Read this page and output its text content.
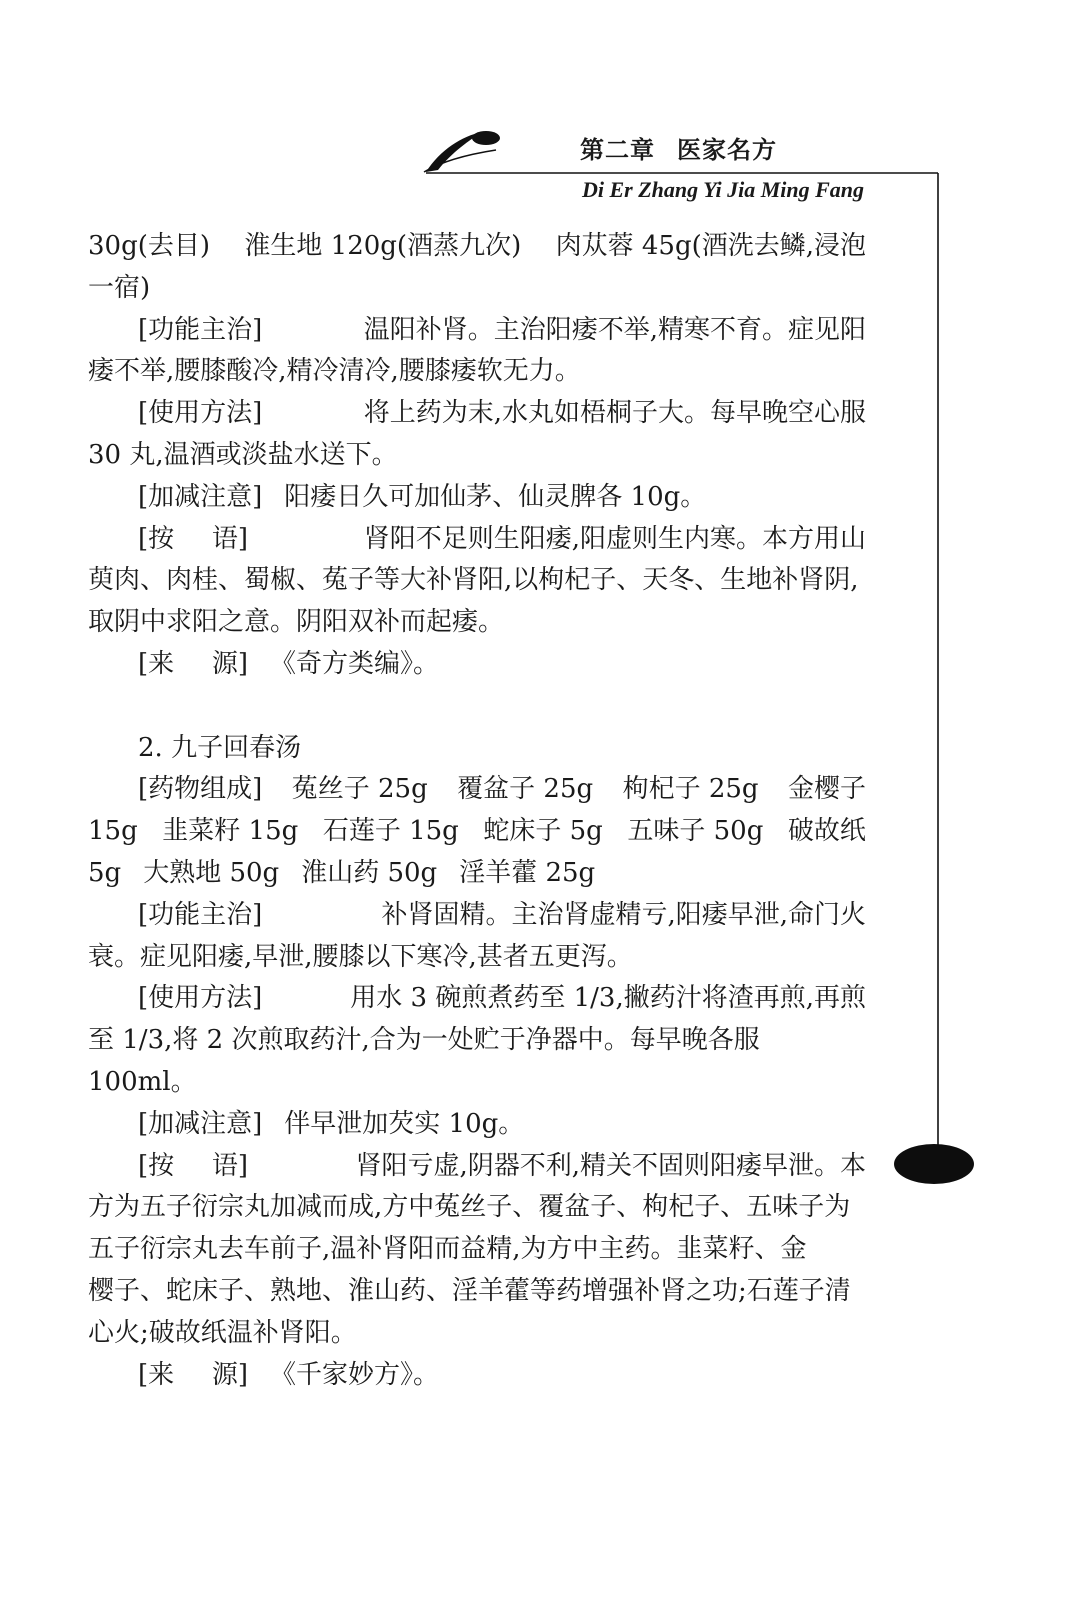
第二章 医家名方
Di Er Zhang Yi Jia Ming Fang
30g(去目) 淮生地 120g(酒蒸九次) 肉苁蓉 45g(酒洗去鳞,浸泡
一宿)
[功能主治]	温阳补肾。主治阳痿不举,精寒不育。症见阳
痿不举,腰膝酸冷,精冷清冷,腰膝痿软无力。
[使用方法]	将上药为末,水丸如梧桐子大。每早晚空心服
30 丸,温酒或淡盐水送下。
[加减注意] 阳痿日久可加仙茅、仙灵脾各 10g。
[按 语]	肾阳不足则生阳痿,阳虚则生内寒。本方用山
萸肉、肉桂、蜀椒、菟子等大补肾阳,以枸杞子、天冬、生地补肾阴,
取阴中求阳之意。阴阳双补而起痿。
[来 源] 《奇方类编》。
2. 九子回春汤
[药物组成] 菟丝子 25g 覆盆子 25g 枸杞子 25g 金樱子
15g 韭菜籽 15g 石莲子 15g 蛇床子 5g 五味子 50g 破故纸
5g 大熟地 50g 淮山药 50g 淫羊藿 25g
[功能主治]	补肾固精。主治肾虚精亏,阳痿早泄,命门火
衰。症见阳痿,早泄,腰膝以下寒冷,甚者五更泻。
[使用方法]	用水 3 碗煎煮药至 1/3,撇药汁将渣再煎,再煎
至 1/3,将 2 次煎取药汁,合为一处贮于净器中。每早晚各服
100ml。
[加减注意] 伴早泄加芡实 10g。
[按 语]	肾阳亏虚,阴器不利,精关不固则阳痿早泄。本
方为五子衍宗丸加减而成,方中菟丝子、覆盆子、枸杞子、五味子为
五子衍宗丸去车前子,温补肾阳而益精,为方中主药。韭菜籽、金
樱子、蛇床子、熟地、淮山药、淫羊藿等药增强补肾之功;石莲子清
心火;破故纸温补肾阳。
[来 源] 《千家妙方》。
